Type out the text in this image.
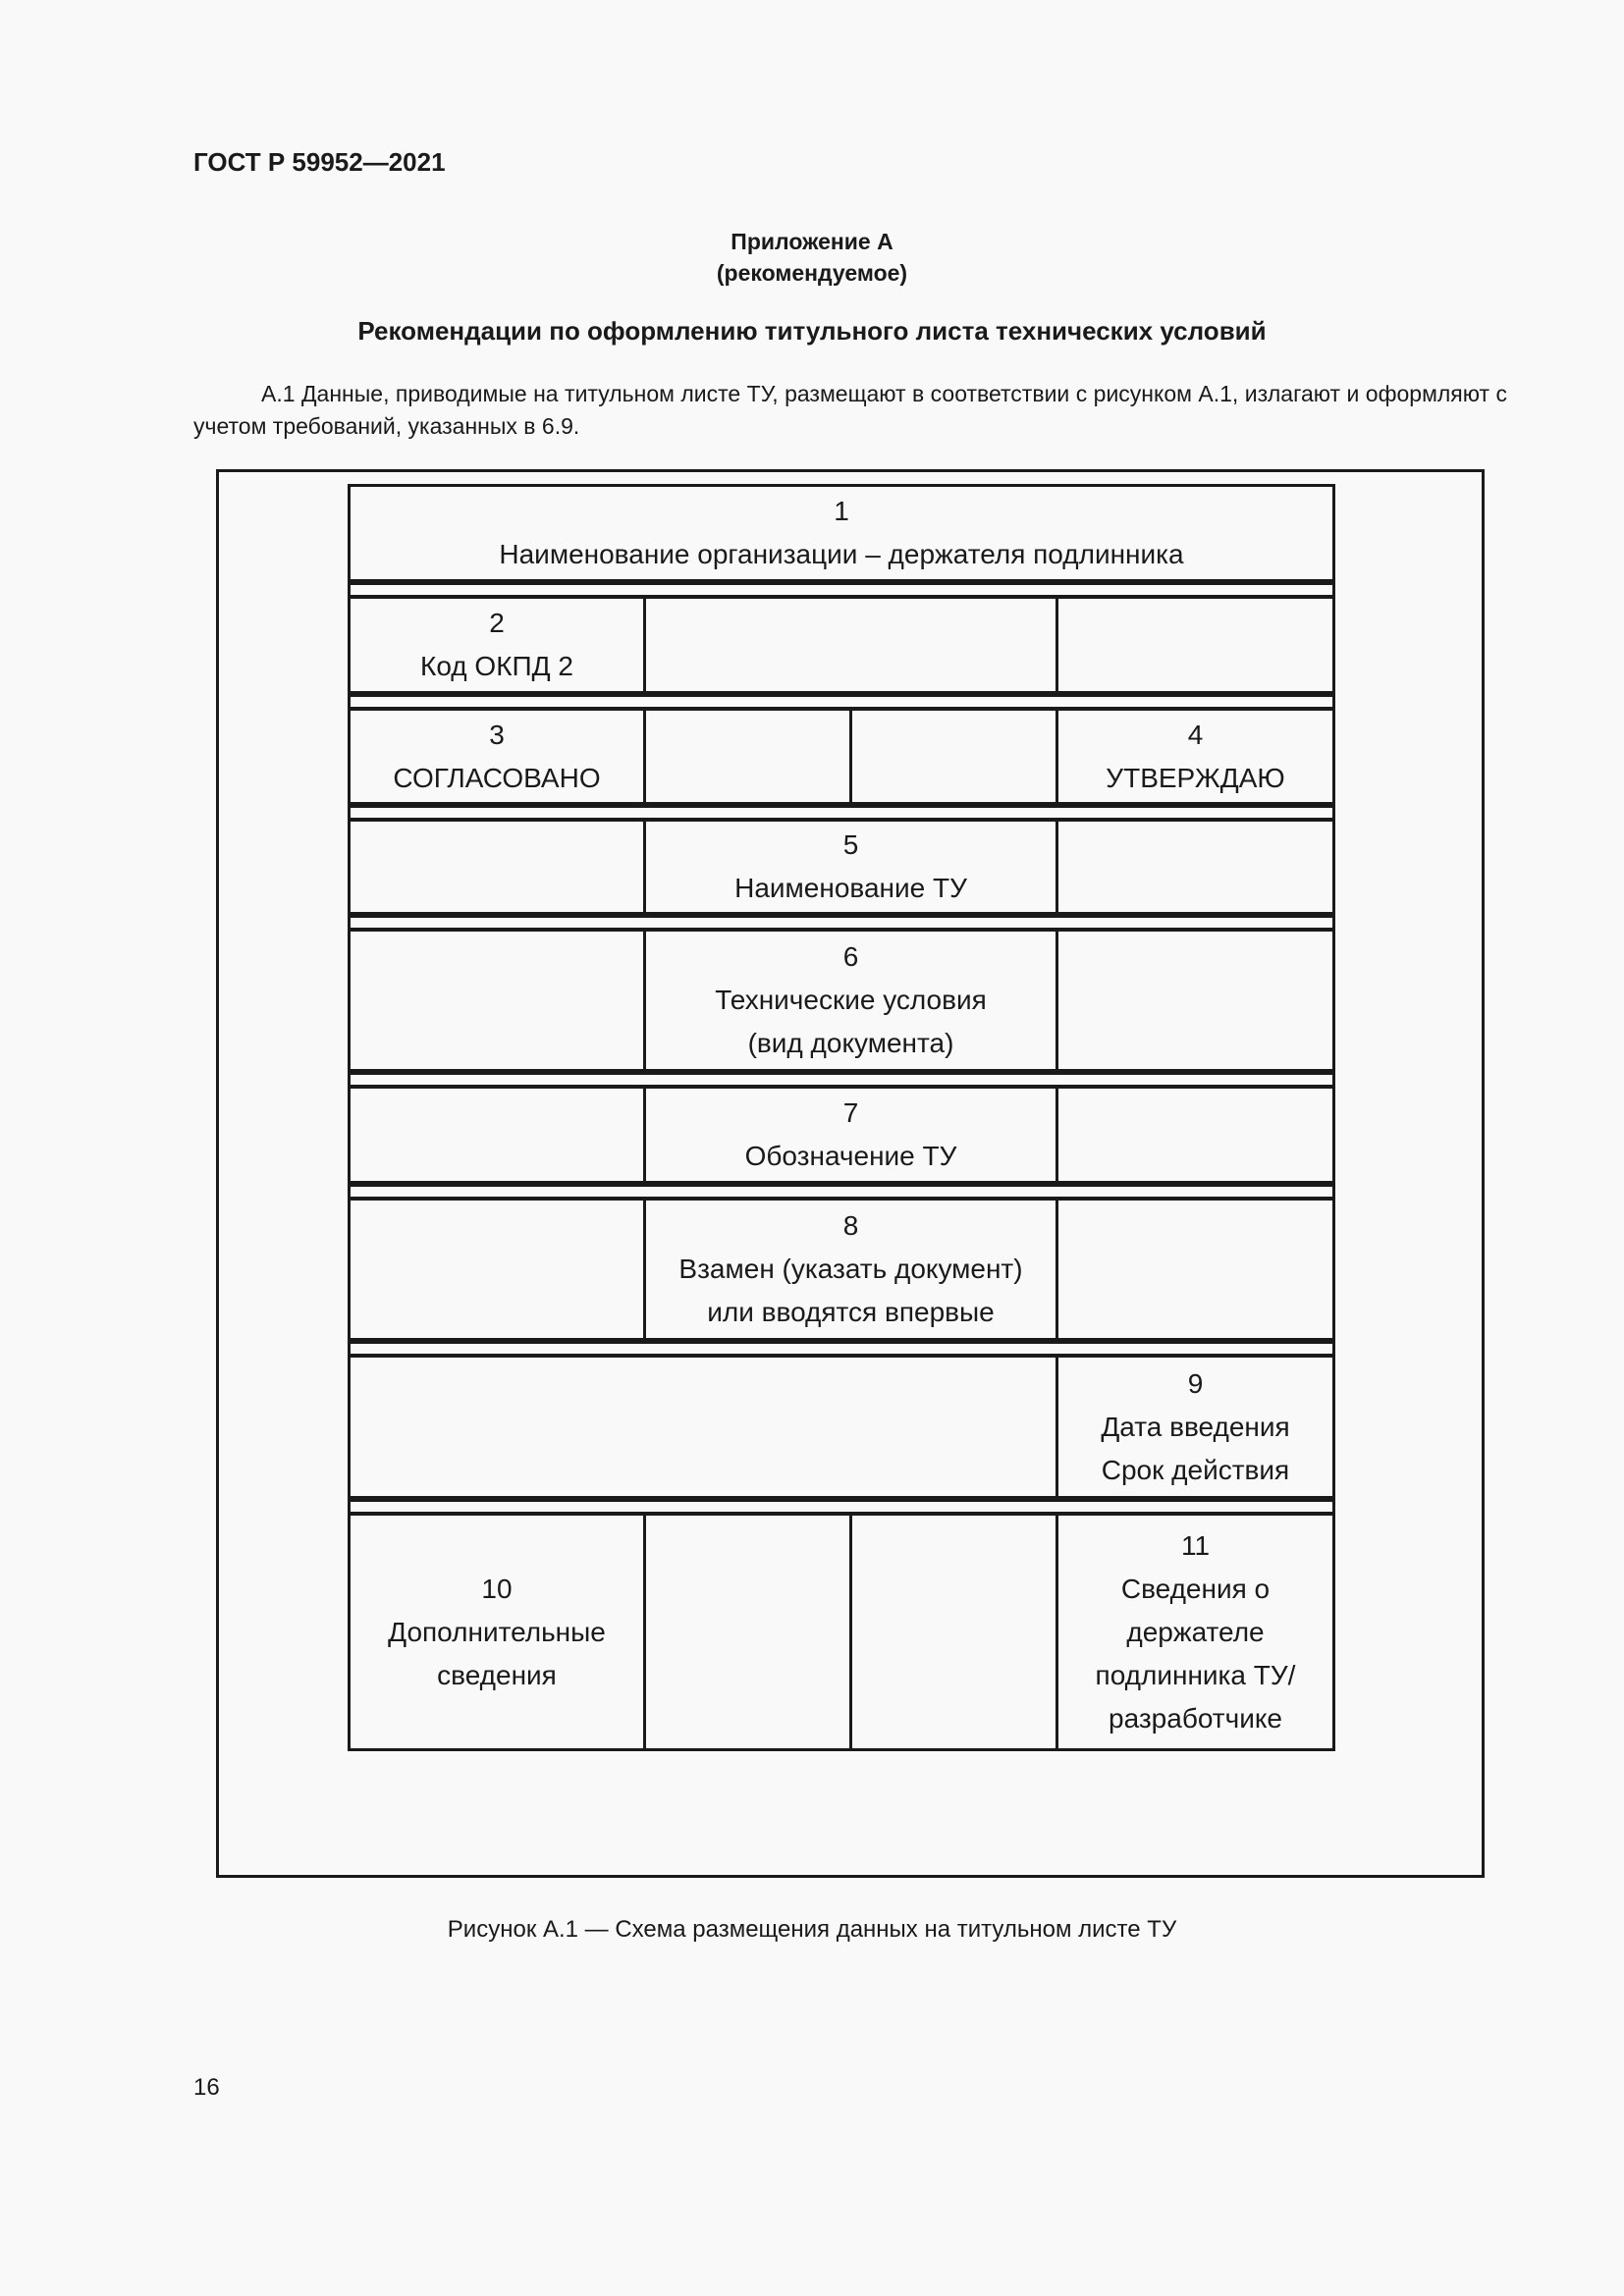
ГОСТ Р 59952—2021
Приложение А
(рекомендуемое)
Рекомендации по оформлению титульного листа технических условий
А.1 Данные, приводимые на титульном листе ТУ, размещают в соответствии с рисунком А.1, излагают и оформляют с учетом требований, указанных в 6.9.
1
Наименование организации – держателя подлинника
2
Код ОКПД 2
3
СОГЛАСОВАНО
4
УТВЕРЖДАЮ
5
Наименование ТУ
6
Технические условия
(вид документа)
7
Обозначение ТУ
8
Взамен (указать документ)
или вводятся впервые
9
Дата введения
Срок действия
10
Дополнительные
сведения
11
Сведения о
держателе
подлинника ТУ/
разработчике
Рисунок А.1 — Схема размещения данных на титульном листе ТУ
16
